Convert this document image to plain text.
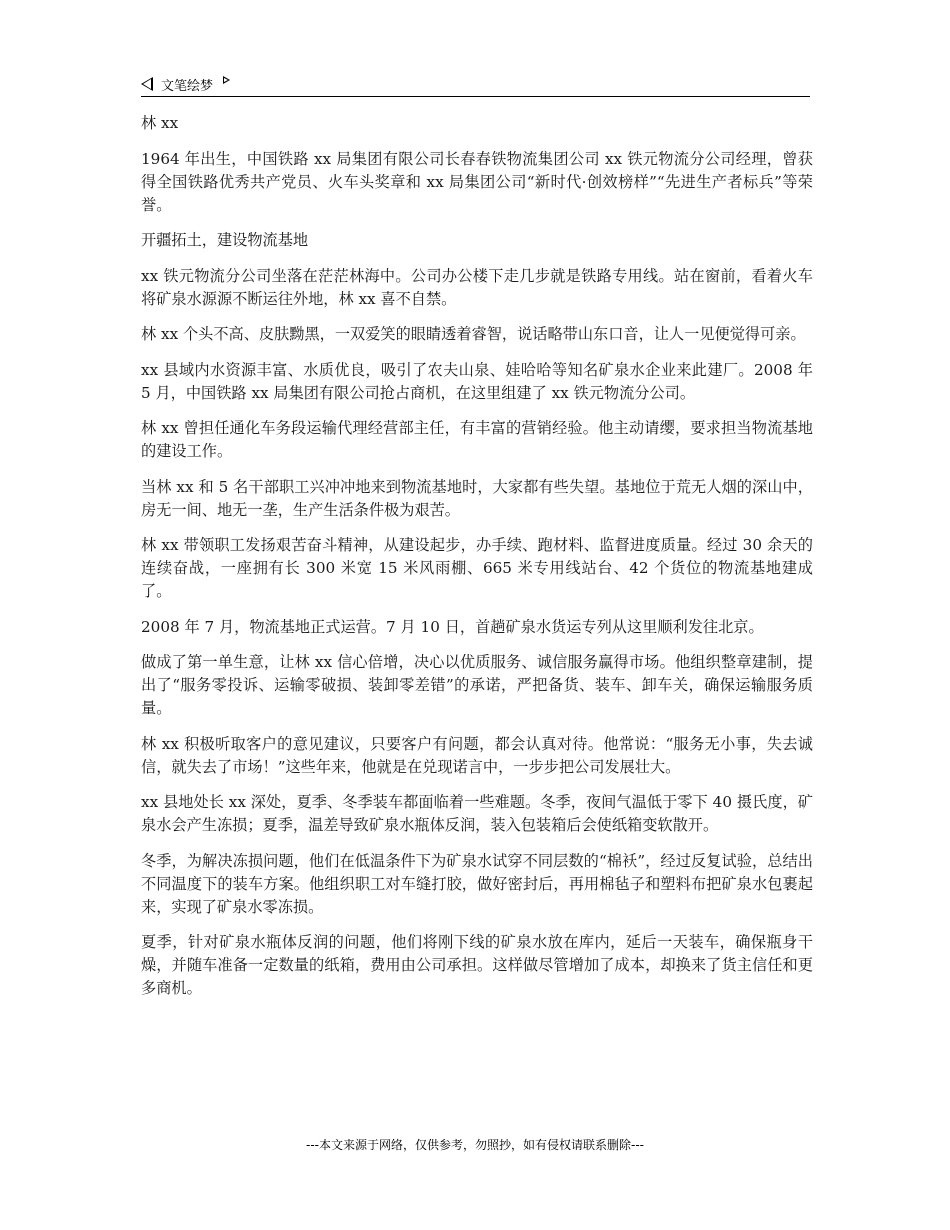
文笔绘梦

林 xx

1964 年出生，中国铁路 xx 局集团有限公司长春春铁物流集团公司 xx 铁元物流分公司经理，曾获得全国铁路优秀共产党员、火车头奖章和 xx 局集团公司“新时代·创效榜样”“先进生产者标兵”等荣誉。

开疆拓土，建设物流基地

xx 铁元物流分公司坐落在茫茫林海中。公司办公楼下走几步就是铁路专用线。站在窗前，看着火车将矿泉水源源不断运往外地，林 xx 喜不自禁。

林 xx 个头不高、皮肤黝黑，一双爱笑的眼睛透着睿智，说话略带山东口音，让人一见便觉得可亲。

xx 县域内水资源丰富、水质优良，吸引了农夫山泉、娃哈哈等知名矿泉水企业来此建厂。2008 年 5 月，中国铁路 xx 局集团有限公司抢占商机，在这里组建了 xx 铁元物流分公司。

林 xx 曾担任通化车务段运输代理经营部主任，有丰富的营销经验。他主动请缨，要求担当物流基地的建设工作。

当林 xx 和 5 名干部职工兴冲冲地来到物流基地时，大家都有些失望。基地位于荒无人烟的深山中，房无一间、地无一垄，生产生活条件极为艰苦。

林 xx 带领职工发扬艰苦奋斗精神，从建设起步，办手续、跑材料、监督进度质量。经过 30 余天的连续奋战，一座拥有长 300 米宽 15 米风雨棚、665 米专用线站台、42 个货位的物流基地建成了。

2008 年 7 月，物流基地正式运营。7 月 10 日，首趟矿泉水货运专列从这里顺利发往北京。

做成了第一单生意，让林 xx 信心倍增，决心以优质服务、诚信服务赢得市场。他组织整章建制，提出了“服务零投诉、运输零破损、装卸零差错”的承诺，严把备货、装车、卸车关，确保运输服务质量。

林 xx 积极听取客户的意见建议，只要客户有问题，都会认真对待。他常说：“服务无小事，失去诚信，就失去了市场！”这些年来，他就是在兑现诺言中，一步步把公司发展壮大。

xx 县地处长 xx 深处，夏季、冬季装车都面临着一些难题。冬季，夜间气温低于零下 40 摄氏度，矿泉水会产生冻损；夏季，温差导致矿泉水瓶体反润，装入包装箱后会使纸箱变软散开。

冬季，为解决冻损问题，他们在低温条件下为矿泉水试穿不同层数的“棉袄”，经过反复试验，总结出不同温度下的装车方案。他组织职工对车缝打胶，做好密封后，再用棉毡子和塑料布把矿泉水包裹起来，实现了矿泉水零冻损。

夏季，针对矿泉水瓶体反润的问题，他们将刚下线的矿泉水放在库内，延后一天装车，确保瓶身干燥，并随车准备一定数量的纸箱，费用由公司承担。这样做尽管增加了成本，却换来了货主信任和更多商机。

---本文来源于网络，仅供参考，勿照抄，如有侵权请联系删除---
